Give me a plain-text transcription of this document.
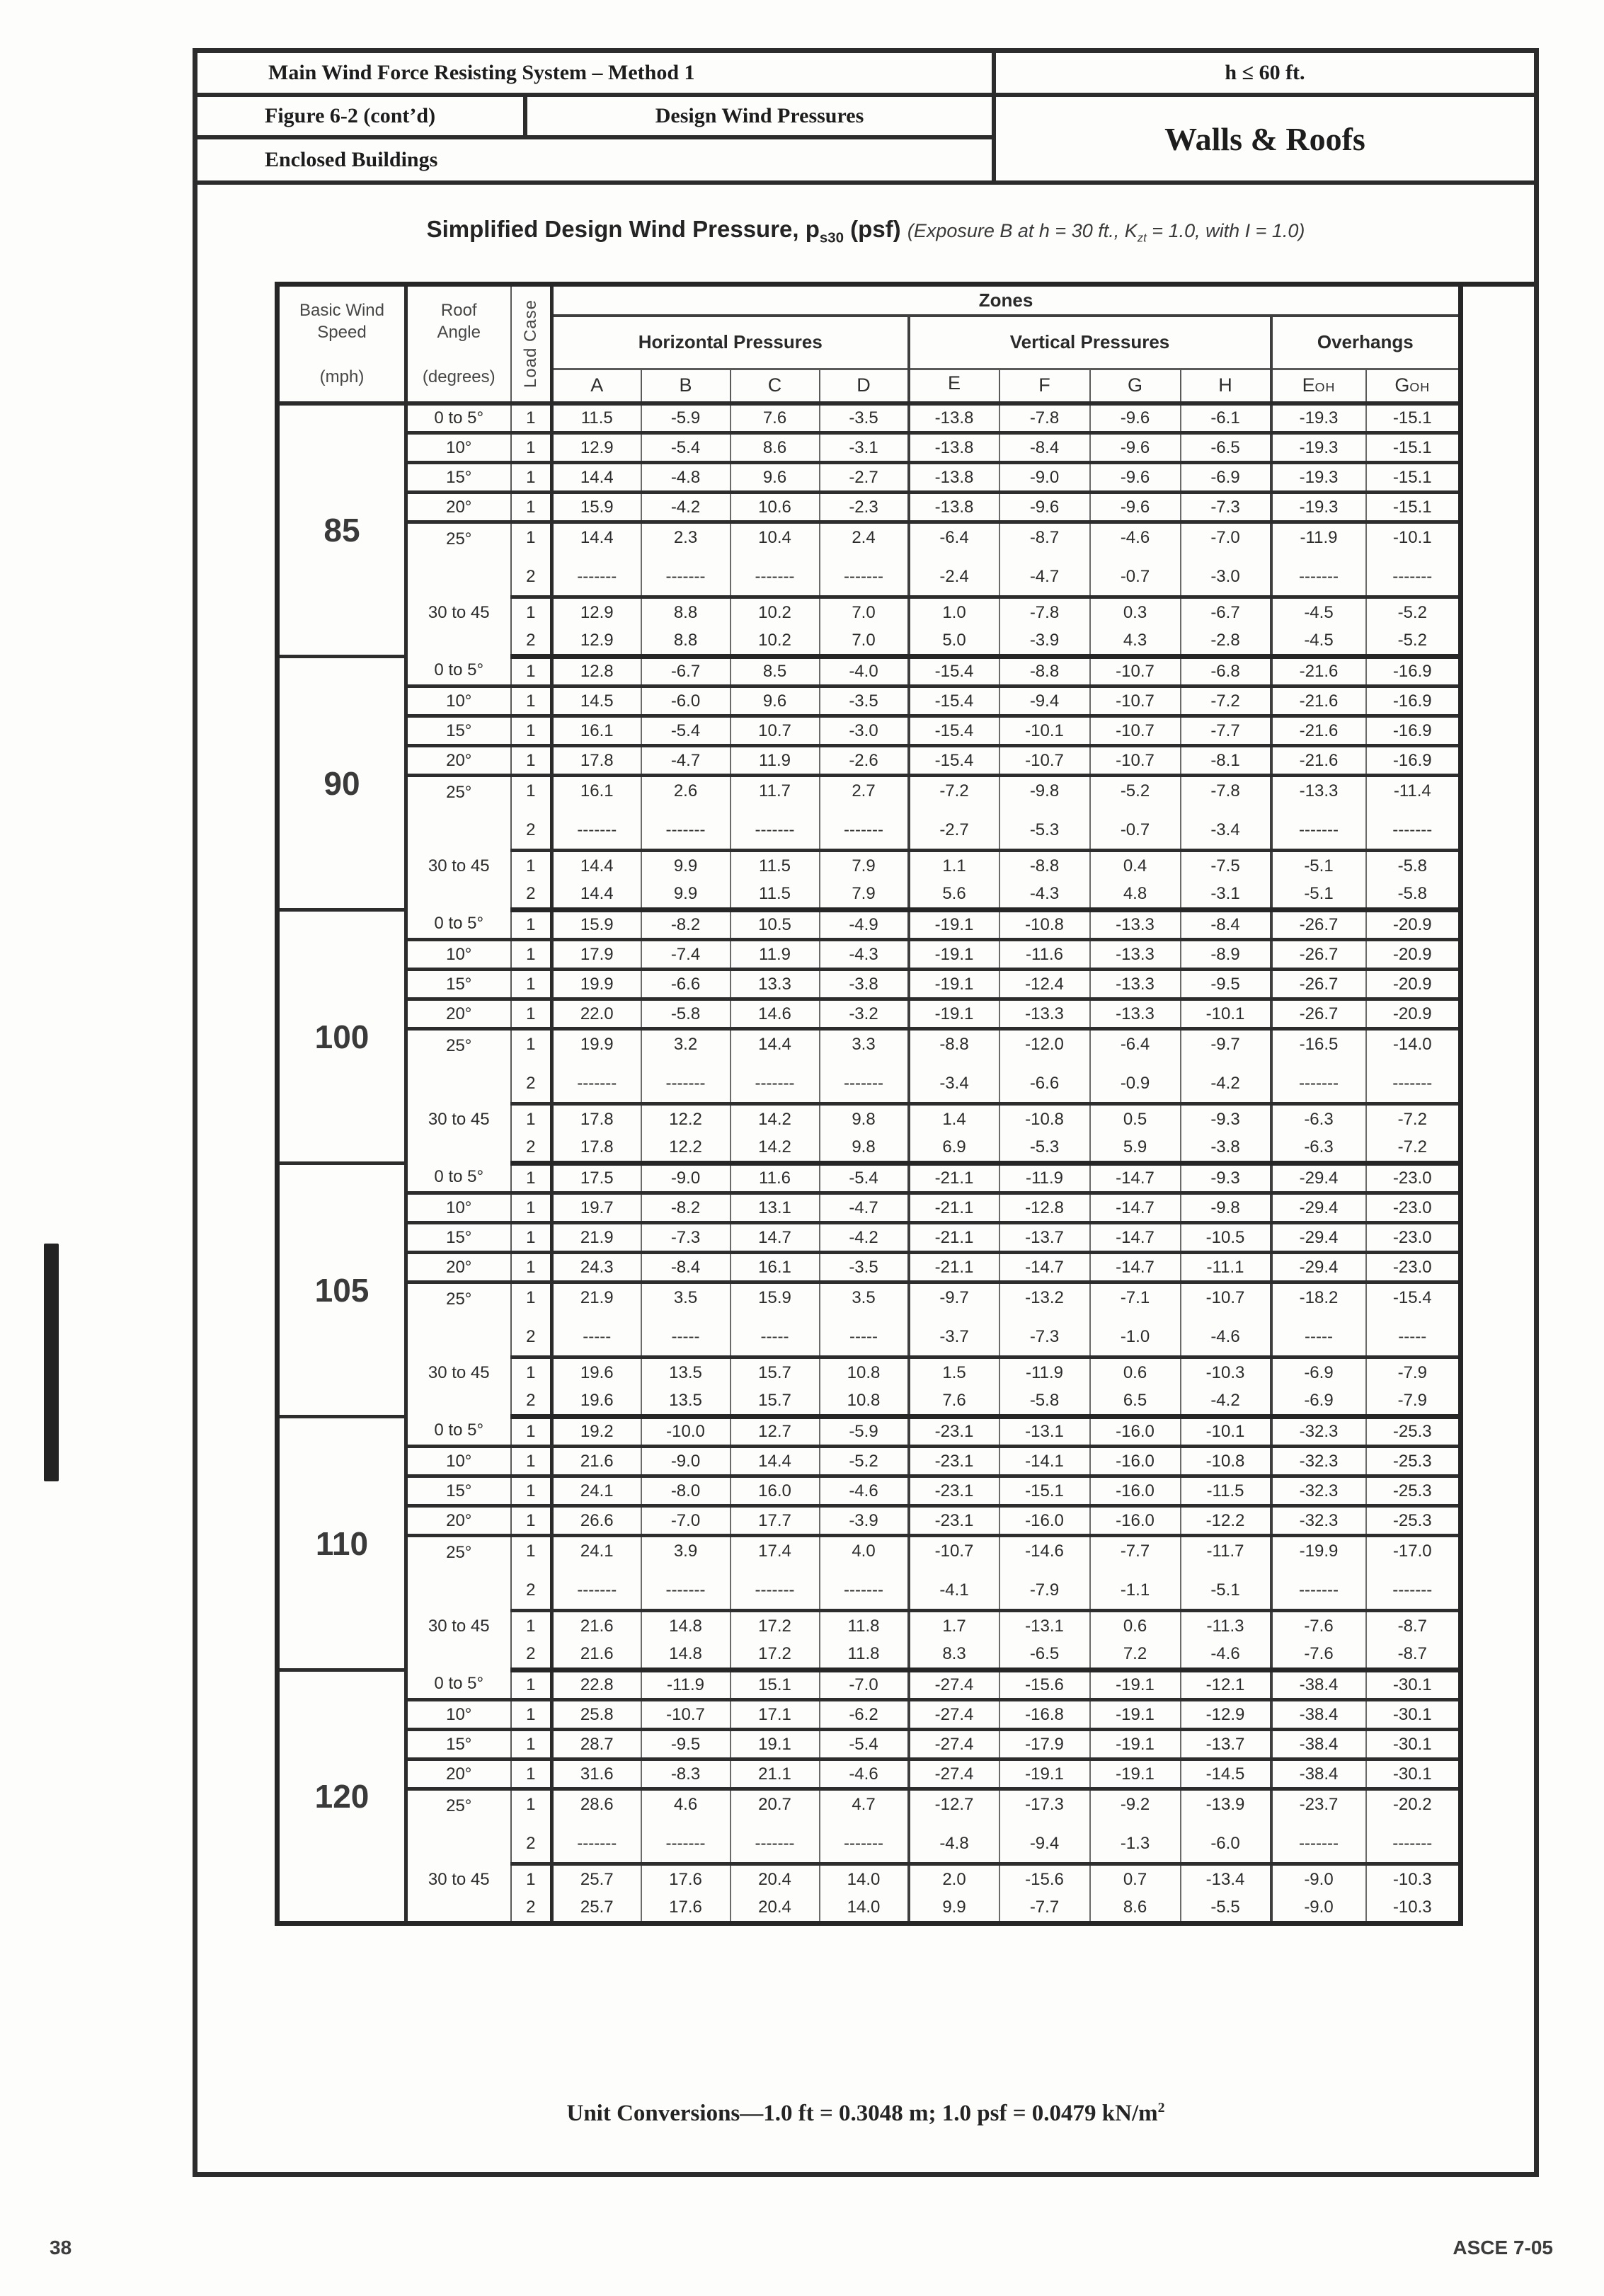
Main Wind Force Resisting System – Method 1	h ≤ 60 ft.
Figure 6-2 (cont’d)	Design Wind Pressures
Walls & Roofs
Enclosed Buildings
Simplified Design Wind Pressure, $p_{s30}$ (psf) (Exposure B at h = 30 ft., $K_{zt} = 1.0$, with I = 1.0)
Basic Wind
Speed
(mph)	Roof
Angle
(degrees)	Load Case	Zones									
			Horizontal Pressures				Vertical Pressures				Overhangs	
			A	B	C	D	E	F	G	H	EOH	GOH
85	0 to 5°	1	11.5	-5.9	7.6	-3.5	-13.8	-7.8	-9.6	-6.1	-19.3	-15.1
	10°	1	12.9	-5.4	8.6	-3.1	-13.8	-8.4	-9.6	-6.5	-19.3	-15.1
	15°	1	14.4	-4.8	9.6	-2.7	-13.8	-9.0	-9.6	-6.9	-19.3	-15.1
	20°	1	15.9	-4.2	10.6	-2.3	-13.8	-9.6	-9.6	-7.3	-19.3	-15.1
	25°	1	14.4	2.3	10.4	2.4	-6.4	-8.7	-4.6	-7.0	-11.9	-10.1
		2	-------	-------	-------	-------	-2.4	-4.7	-0.7	-3.0	-------	-------
	30 to 45	1	12.9	8.8	10.2	7.0	1.0	-7.8	0.3	-6.7	-4.5	-5.2
		2	12.9	8.8	10.2	7.0	5.0	-3.9	4.3	-2.8	-4.5	-5.2
90	0 to 5°	1	12.8	-6.7	8.5	-4.0	-15.4	-8.8	-10.7	-6.8	-21.6	-16.9
	10°	1	14.5	-6.0	9.6	-3.5	-15.4	-9.4	-10.7	-7.2	-21.6	-16.9
	15°	1	16.1	-5.4	10.7	-3.0	-15.4	-10.1	-10.7	-7.7	-21.6	-16.9
	20°	1	17.8	-4.7	11.9	-2.6	-15.4	-10.7	-10.7	-8.1	-21.6	-16.9
	25°	1	16.1	2.6	11.7	2.7	-7.2	-9.8	-5.2	-7.8	-13.3	-11.4
		2	-------	-------	-------	-------	-2.7	-5.3	-0.7	-3.4	-------	-------
	30 to 45	1	14.4	9.9	11.5	7.9	1.1	-8.8	0.4	-7.5	-5.1	-5.8
		2	14.4	9.9	11.5	7.9	5.6	-4.3	4.8	-3.1	-5.1	-5.8
100	0 to 5°	1	15.9	-8.2	10.5	-4.9	-19.1	-10.8	-13.3	-8.4	-26.7	-20.9
	10°	1	17.9	-7.4	11.9	-4.3	-19.1	-11.6	-13.3	-8.9	-26.7	-20.9
	15°	1	19.9	-6.6	13.3	-3.8	-19.1	-12.4	-13.3	-9.5	-26.7	-20.9
	20°	1	22.0	-5.8	14.6	-3.2	-19.1	-13.3	-13.3	-10.1	-26.7	-20.9
	25°	1	19.9	3.2	14.4	3.3	-8.8	-12.0	-6.4	-9.7	-16.5	-14.0
		2	-------	-------	-------	-------	-3.4	-6.6	-0.9	-4.2	-------	-------
	30 to 45	1	17.8	12.2	14.2	9.8	1.4	-10.8	0.5	-9.3	-6.3	-7.2
		2	17.8	12.2	14.2	9.8	6.9	-5.3	5.9	-3.8	-6.3	-7.2
105	0 to 5°	1	17.5	-9.0	11.6	-5.4	-21.1	-11.9	-14.7	-9.3	-29.4	-23.0
	10°	1	19.7	-8.2	13.1	-4.7	-21.1	-12.8	-14.7	-9.8	-29.4	-23.0
	15°	1	21.9	-7.3	14.7	-4.2	-21.1	-13.7	-14.7	-10.5	-29.4	-23.0
	20°	1	24.3	-8.4	16.1	-3.5	-21.1	-14.7	-14.7	-11.1	-29.4	-23.0
	25°	1	21.9	3.5	15.9	3.5	-9.7	-13.2	-7.1	-10.7	-18.2	-15.4
		2	-----	-----	-----	-----	-3.7	-7.3	-1.0	-4.6	-----	-----
	30 to 45	1	19.6	13.5	15.7	10.8	1.5	-11.9	0.6	-10.3	-6.9	-7.9
		2	19.6	13.5	15.7	10.8	7.6	-5.8	6.5	-4.2	-6.9	-7.9
110	0 to 5°	1	19.2	-10.0	12.7	-5.9	-23.1	-13.1	-16.0	-10.1	-32.3	-25.3
	10°	1	21.6	-9.0	14.4	-5.2	-23.1	-14.1	-16.0	-10.8	-32.3	-25.3
	15°	1	24.1	-8.0	16.0	-4.6	-23.1	-15.1	-16.0	-11.5	-32.3	-25.3
	20°	1	26.6	-7.0	17.7	-3.9	-23.1	-16.0	-16.0	-12.2	-32.3	-25.3
	25°	1	24.1	3.9	17.4	4.0	-10.7	-14.6	-7.7	-11.7	-19.9	-17.0
		2	-------	-------	-------	-------	-4.1	-7.9	-1.1	-5.1	-------	-------
	30 to 45	1	21.6	14.8	17.2	11.8	1.7	-13.1	0.6	-11.3	-7.6	-8.7
		2	21.6	14.8	17.2	11.8	8.3	-6.5	7.2	-4.6	-7.6	-8.7
120	0 to 5°	1	22.8	-11.9	15.1	-7.0	-27.4	-15.6	-19.1	-12.1	-38.4	-30.1
	10°	1	25.8	-10.7	17.1	-6.2	-27.4	-16.8	-19.1	-12.9	-38.4	-30.1
	15°	1	28.7	-9.5	19.1	-5.4	-27.4	-17.9	-19.1	-13.7	-38.4	-30.1
	20°	1	31.6	-8.3	21.1	-4.6	-27.4	-19.1	-19.1	-14.5	-38.4	-30.1
	25°	1	28.6	4.6	20.7	4.7	-12.7	-17.3	-9.2	-13.9	-23.7	-20.2
		2	-------	-------	-------	-------	-4.8	-9.4	-1.3	-6.0	-------	-------
	30 to 45	1	25.7	17.6	20.4	14.0	2.0	-15.6	0.7	-13.4	-9.0	-10.3
		2	25.7	17.6	20.4	14.0	9.9	-7.7	8.6	-5.5	-9.0	-10.3
Unit Conversions—1.0 ft = 0.3048 m; 1.0 psf = 0.0479 $kN/m^2$
38	ASCE 7-05
